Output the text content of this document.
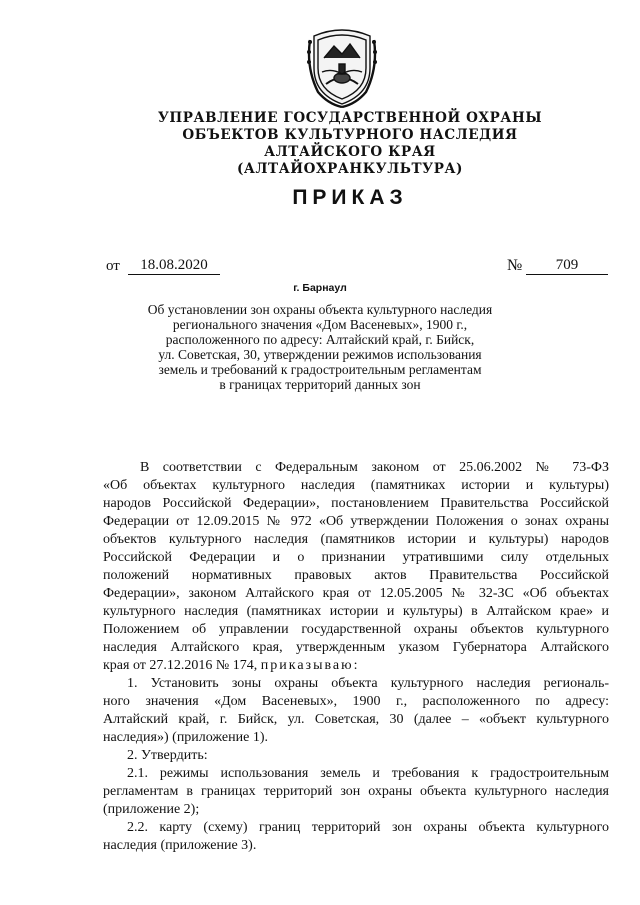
УПРАВЛЕНИЕ ГОСУДАРСТВЕННОЙ ОХРАНЫ
ОБЪЕКТОВ КУЛЬТУРНОГО НАСЛЕДИЯ
АЛТАЙСКОГО КРАЯ
(АЛТАЙОХРАНКУЛЬТУРА)
ПРИКАЗ
от	18.08.2020	№	709
г. Барнаул
Об установлении зон охраны объекта культурного наследия
регионального значения «Дом Васеневых», 1900 г.,
расположенного по адресу: Алтайский край, г. Бийск,
ул. Советская, 30, утверждении режимов использования
земель и требований к градостроительным регламентам
в границах территорий данных зон
В соответствии с Федеральным законом от 25.06.2002 № 73-ФЗ
«Об объектах культурного наследия (памятниках истории и культуры)
народов Российской Федерации», постановлением Правительства Российской
Федерации от 12.09.2015 № 972 «Об утверждении Положения о зонах охраны
объектов культурного наследия (памятников истории и культуры) народов
Российской Федерации и о признании утратившими силу отдельных
положений нормативных правовых актов Правительства Российской
Федерации», законом Алтайского края от 12.05.2005 № 32-ЗС «Об объектах
культурного наследия (памятниках истории и культуры) в Алтайском крае» и
Положением об управлении государственной охраны объектов культурного
наследия Алтайского края, утвержденным указом Губернатора Алтайского
края от 27.12.2016 № 174, приказываю:
1. Установить зоны охраны объекта культурного наследия региональ-
ного значения «Дом Васеневых», 1900 г., расположенного по адресу:
Алтайский край, г. Бийск, ул. Советская, 30 (далее – «объект культурного
наследия») (приложение 1).
2. Утвердить:
2.1. режимы использования земель и требования к градостроительным
регламентам в границах территорий зон охраны объекта культурного наследия
(приложение 2);
2.2. карту (схему) границ территорий зон охраны объекта культурного
наследия (приложение 3).
